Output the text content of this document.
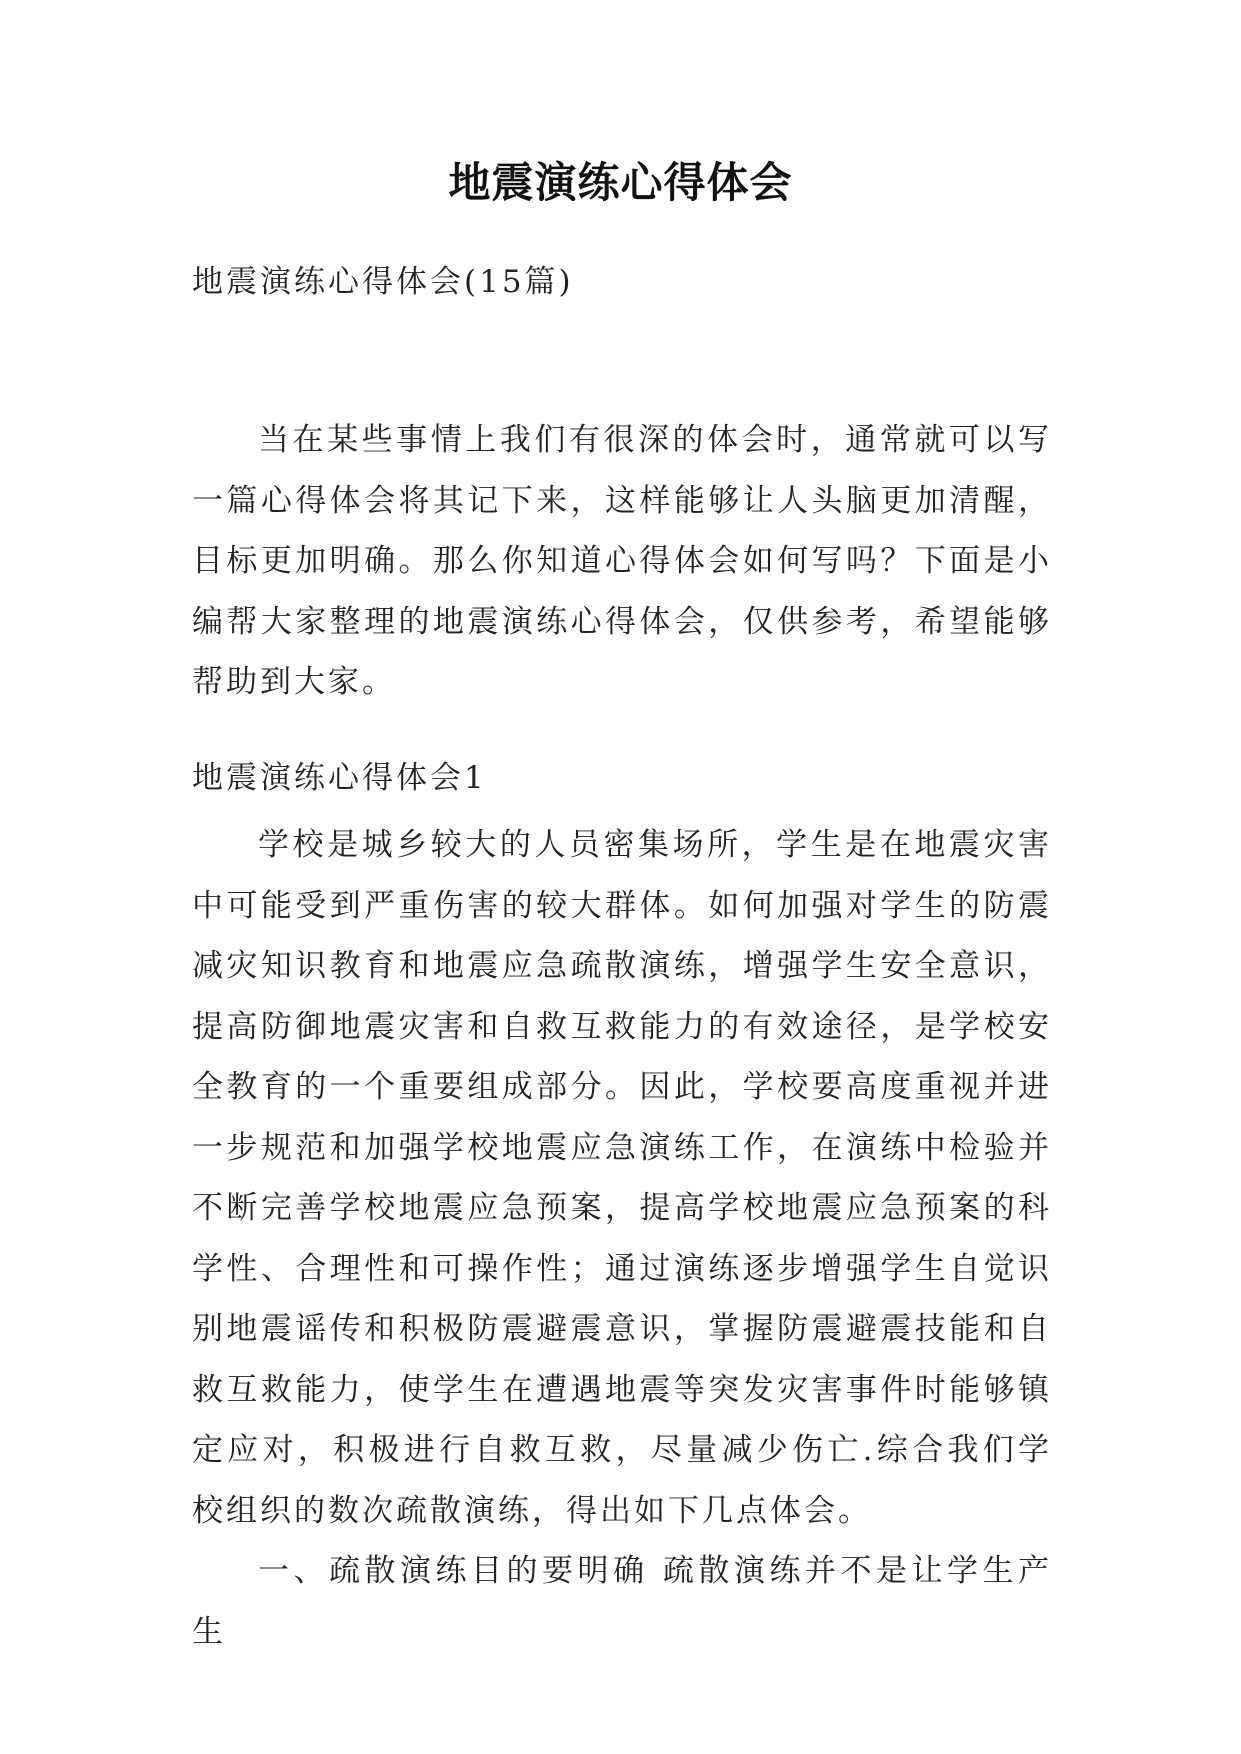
地震演练心得体会
地震演练心得体会(15篇)

当在某些事情上我们有很深的体会时，通常就可以写一篇心得体会将其记下来，这样能够让人头脑更加清醒，目标更加明确。那么你知道心得体会如何写吗？下面是小编帮大家整理的地震演练心得体会，仅供参考，希望能够帮助到大家。

地震演练心得体会1

学校是城乡较大的人员密集场所，学生是在地震灾害中可能受到严重伤害的较大群体。如何加强对学生的防震减灾知识教育和地震应急疏散演练，增强学生安全意识，提高防御地震灾害和自救互救能力的有效途径，是学校安全教育的一个重要组成部分。因此，学校要高度重视并进一步规范和加强学校地震应急演练工作，在演练中检验并不断完善学校地震应急预案，提高学校地震应急预案的科学性、合理性和可操作性；通过演练逐步增强学生自觉识别地震谣传和积极防震避震意识，掌握防震避震技能和自救互救能力，使学生在遭遇地震等突发灾害事件时能够镇定应对，积极进行自救互救，尽量减少伤亡.综合我们学校组织的数次疏散演练，得出如下几点体会。

一、疏散演练目的要明确 疏散演练并不是让学生产生
